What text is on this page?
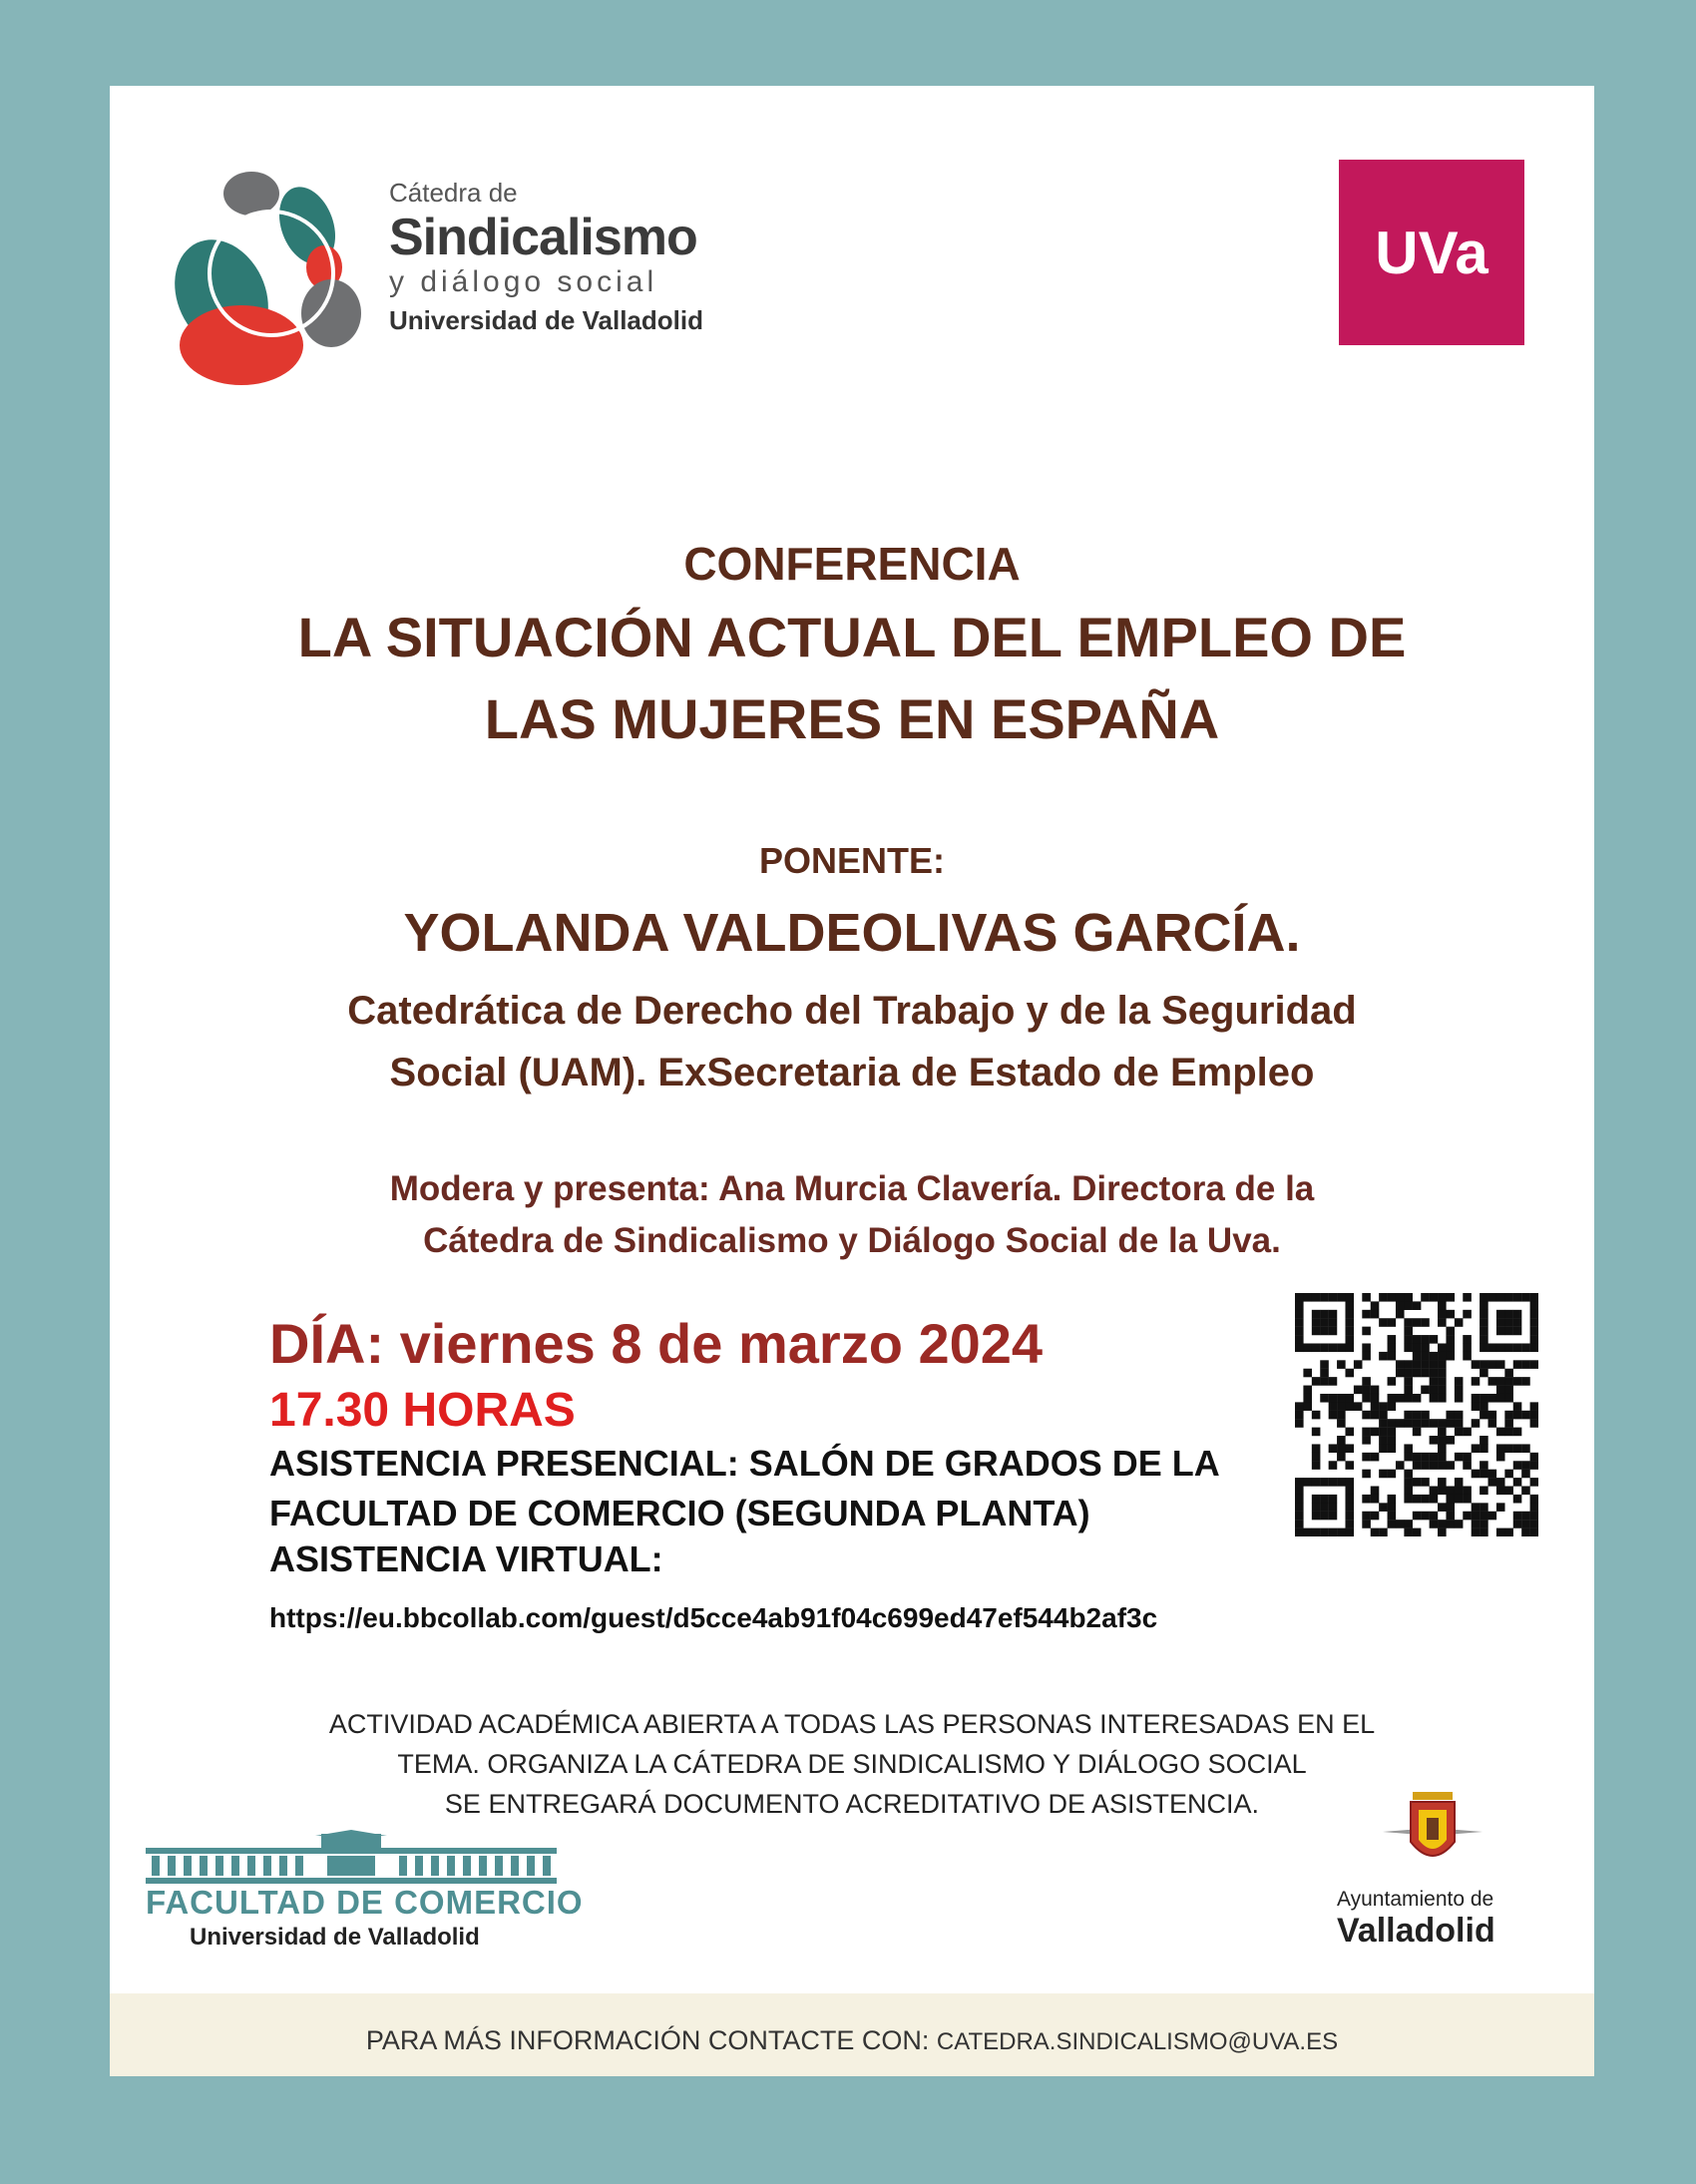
Cátedra de
Sindicalismo
y diálogo social
Universidad de Valladolid
UVa
CONFERENCIA
LA SITUACIÓN ACTUAL DEL EMPLEO DE
LAS MUJERES EN ESPAÑA
PONENTE:
YOLANDA VALDEOLIVAS GARCÍA.
Catedrática de Derecho del Trabajo y de la Seguridad
Social (UAM). ExSecretaria de Estado de Empleo
Modera y presenta: Ana Murcia Clavería. Directora de la
Cátedra de Sindicalismo y Diálogo Social de la Uva.
DÍA: viernes 8 de marzo 2024
17.30 HORAS
ASISTENCIA PRESENCIAL: SALÓN DE GRADOS DE LA
FACULTAD DE COMERCIO (SEGUNDA PLANTA)
ASISTENCIA VIRTUAL:
https://eu.bbcollab.com/guest/d5cce4ab91f04c699ed47ef544b2af3c
ACTIVIDAD ACADÉMICA ABIERTA A TODAS LAS PERSONAS INTERESADAS EN EL
TEMA. ORGANIZA LA CÁTEDRA DE SINDICALISMO Y DIÁLOGO SOCIAL
SE ENTREGARÁ DOCUMENTO ACREDITATIVO DE ASISTENCIA.
FACULTAD DE COMERCIO
Universidad de Valladolid
Ayuntamiento de
Valladolid
PARA MÁS INFORMACIÓN CONTACTE CON: CATEDRA.SINDICALISMO@UVA.ES
